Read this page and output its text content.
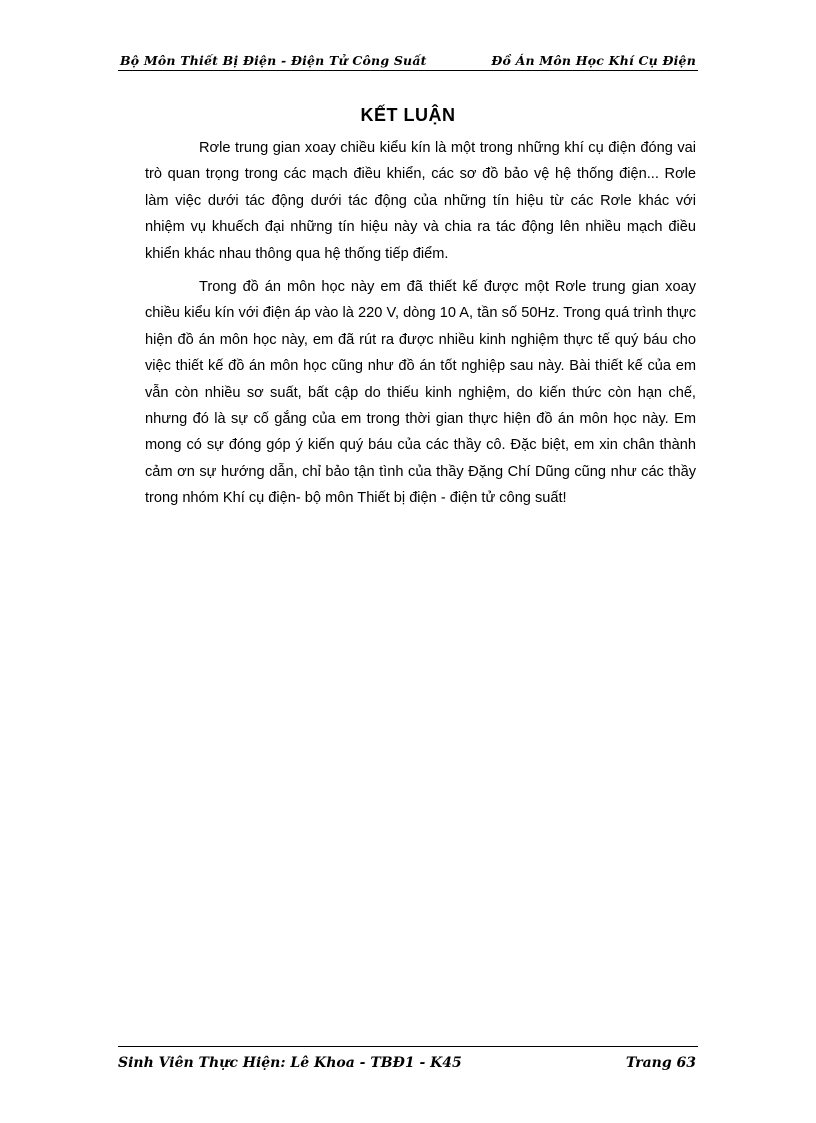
Bộ Môn Thiết Bị Điện - Điện Tử Công Suất	Đồ Án Môn Học Khí Cụ Điện
KẾT LUẬN

Rơle trung gian xoay chiều kiểu kín là một trong những khí cụ điện đóng vai trò quan trọng trong các mạch điều khiển, các sơ đồ bảo vệ hệ thống điện... Rơle làm việc dưới tác động dưới tác động của những tín hiệu từ các Rơle khác với nhiệm vụ khuếch đại những tín hiệu này và chia ra tác động lên nhiều mạch điều khiển khác nhau thông qua hệ thống tiếp điểm.

Trong đồ án môn học này em đã thiết kế được một Rơle trung gian xoay chiều kiểu kín với điện áp vào là 220 V, dòng 10 A, tần số 50Hz. Trong quá trình thực hiện đồ án môn học này, em đã rút ra được nhiều kinh nghiệm thực tế quý báu cho việc thiết kế đồ án môn học cũng như đồ án tốt nghiệp sau này. Bài thiết kế của em vẫn còn nhiều sơ suất, bất cập do thiếu kinh nghiệm, do kiến thức còn hạn chế, nhưng đó là sự cố gắng của em trong thời gian thực hiện đồ án môn học này. Em mong có sự đóng góp ý kiến quý báu của các thầy cô. Đặc biệt, em xin chân thành cảm ơn sự hướng dẫn, chỉ bảo tận tình của thầy Đặng Chí Dũng cũng như các thầy trong nhóm Khí cụ điện- bộ môn Thiết bị điện - điện tử công suất!

Sinh Viên Thực Hiện: Lê Khoa - TBĐ1 - K45	Trang 63
